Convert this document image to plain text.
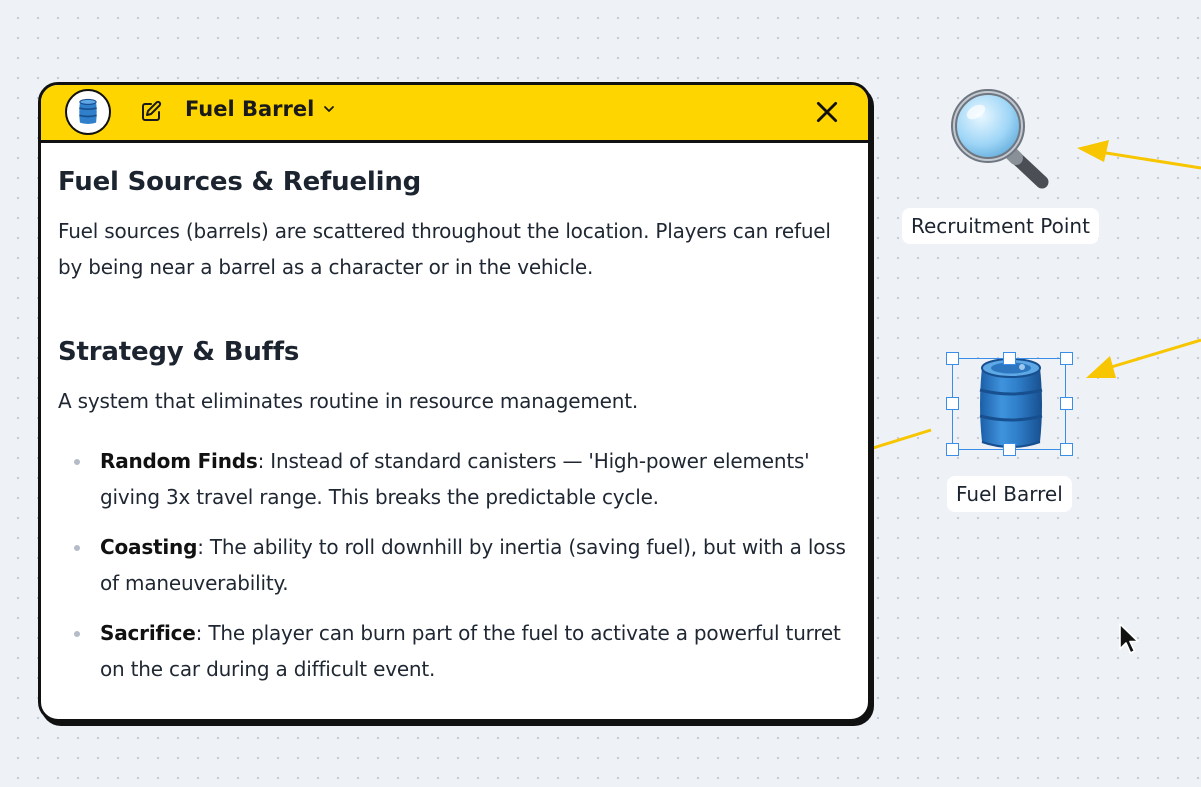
Recruitment Point
Fuel Barrel
Fuel Barrel
Fuel Sources & Refueling

Fuel sources (barrels) are scattered throughout the location. Players can refuel by being near a barrel as a character or in the vehicle.

Strategy & Buffs

A system that eliminates routine in resource management.

Random Finds: Instead of standard canisters — 'High-power elements' giving 3x travel range. This breaks the predictable cycle.
Coasting: The ability to roll downhill by inertia (saving fuel), but with a loss of maneuverability.
Sacrifice: The player can burn part of the fuel to activate a powerful turret on the car during a difficult event.
